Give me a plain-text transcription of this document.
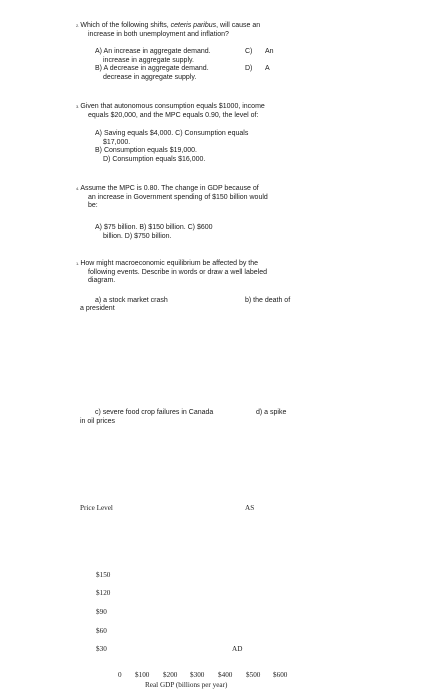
$^{2.}$Which of the following shifts, ceteris paribus, will cause an
increase in both unemployment and inflation?
A) An increase in aggregate demand.	C) An
increase in aggregate supply.
B) A decrease in aggregate demand.	D) A
decrease in aggregate supply.
$^{3.}$Given that autonomous consumption equals $1000, income
equals $20,000, and the MPC equals 0.90, the level of:
A) Saving equals $4,000. C) Consumption equals
$17,000.
B) Consumption equals $19,000.
D) Consumption equals $16,000.
$^{4.}$Assume the MPC is 0.80. The change in GDP because of
an increase in Government spending of $150 billion would
be:
A) $75 billion. B) $150 billion. C) $600
billion. D) $750 billion.
$^{1.}$How might macroeconomic equilibrium be affected by the
following events. Describe in words or draw a well labeled
diagram.
a) a stock market crash	b) the death of
a president
c) severe food crop failures in Canada	d) a spike
in oil prices
Price Level	AS
$150
$120
$90
$60
$30	AD
0 $100 $200 $300 $400 $500 $600
Real GDP (billions per year)
